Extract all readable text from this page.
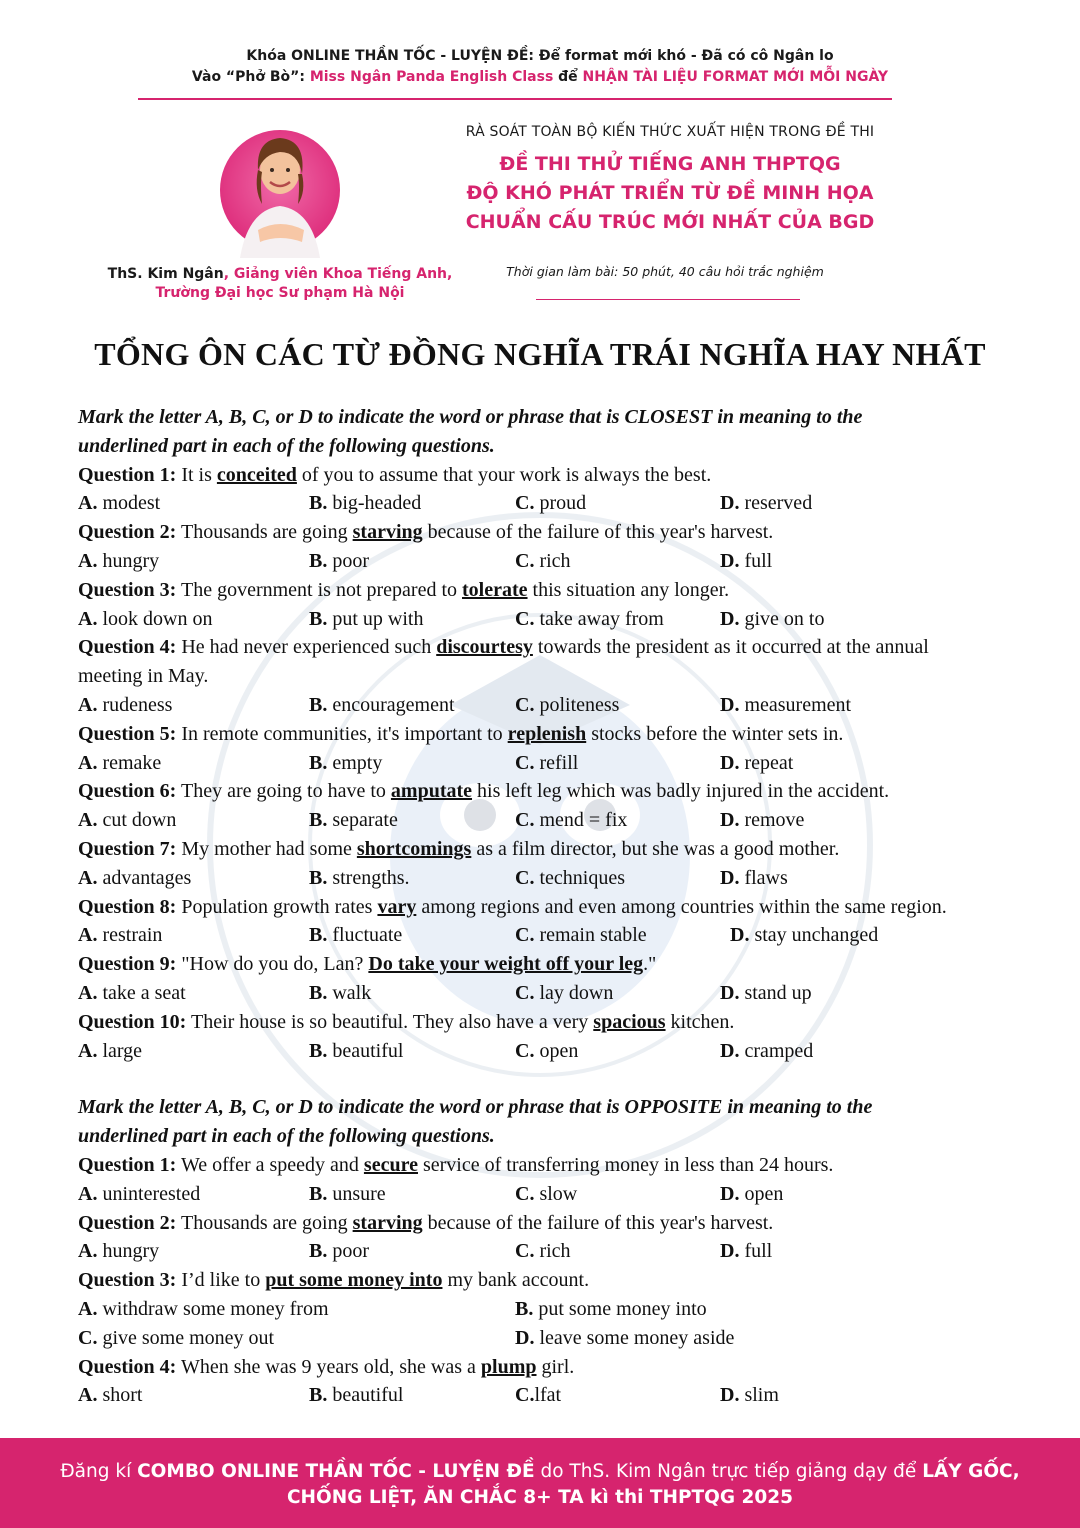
Khóa ONLINE THẦN TỐC - LUYỆN ĐỀ: Để format mới khó - Đã có cô Ngân lo
Vào “Phở Bò”: Miss Ngân Panda English Class để NHẬN TÀI LIỆU FORMAT MỚI MỖI NGÀY
ThS. Kim Ngân, Giảng viên Khoa Tiếng Anh,
Trường Đại học Sư phạm Hà Nội
RÀ SOÁT TOÀN BỘ KIẾN THỨC XUẤT HIỆN TRONG ĐỀ THI
ĐỀ THI THỬ TIẾNG ANH THPTQG
ĐỘ KHÓ PHÁT TRIỂN TỪ ĐỀ MINH HỌA
CHUẨN CẤU TRÚC MỚI NHẤT CỦA BGD
Thời gian làm bài: 50 phút, 40 câu hỏi trắc nghiệm
TỔNG ÔN CÁC TỪ ĐỒNG NGHĨA TRÁI NGHĨA HAY NHẤT
Mark the letter A, B, C, or D to indicate the word or phrase that is CLOSEST in meaning to the
underlined part in each of the following questions.
Question 1: It is conceited of you to assume that your work is always the best.
A. modest	B. big-headed	C. proud	D. reserved
Question 2: Thousands are going starving because of the failure of this year's harvest.
A. hungry	B. poor	C. rich	D. full
Question 3: The government is not prepared to tolerate this situation any longer.
A. look down on	B. put up with	C. take away from	D. give on to
Question 4: He had never experienced such discourtesy towards the president as it occurred at the annual
meeting in May.
A. rudeness	B. encouragement	C. politeness	D. measurement
Question 5: In remote communities, it's important to replenish stocks before the winter sets in.
A. remake	B. empty	C. refill	D. repeat
Question 6: They are going to have to amputate his left leg which was badly injured in the accident.
A. cut down	B. separate	C. mend = fix	D. remove
Question 7: My mother had some shortcomings as a film director, but she was a good mother.
A. advantages	B. strengths.	C. techniques	D. flaws
Question 8: Population growth rates vary among regions and even among countries within the same region.
A. restrain	B. fluctuate	C. remain stable	D. stay unchanged
Question 9: "How do you do, Lan? Do take your weight off your leg."
A. take a seat	B. walk	C. lay down	D. stand up
Question 10: Their house is so beautiful. They also have a very spacious kitchen.
A. large	B. beautiful	C. open	D. cramped
Mark the letter A, B, C, or D to indicate the word or phrase that is OPPOSITE in meaning to the
underlined part in each of the following questions.
Question 1: We offer a speedy and secure service of transferring money in less than 24 hours.
A. uninterested	B. unsure	C. slow	D. open
Question 2: Thousands are going starving because of the failure of this year's harvest.
A. hungry	B. poor	C. rich	D. full
Question 3: I’d like to put some money into my bank account.
A. withdraw some money from	B. put some money into
C. give some money out	D. leave some money aside
Question 4: When she was 9 years old, she was a plump girl.
A. short	B. beautiful	C.lfat	D. slim
Đăng kí COMBO ONLINE THẦN TỐC - LUYỆN ĐỀ do ThS. Kim Ngân trực tiếp giảng dạy để LẤY GỐC,
CHỐNG LIỆT, ĂN CHẮC 8+ TA kì thi THPTQG 2025
